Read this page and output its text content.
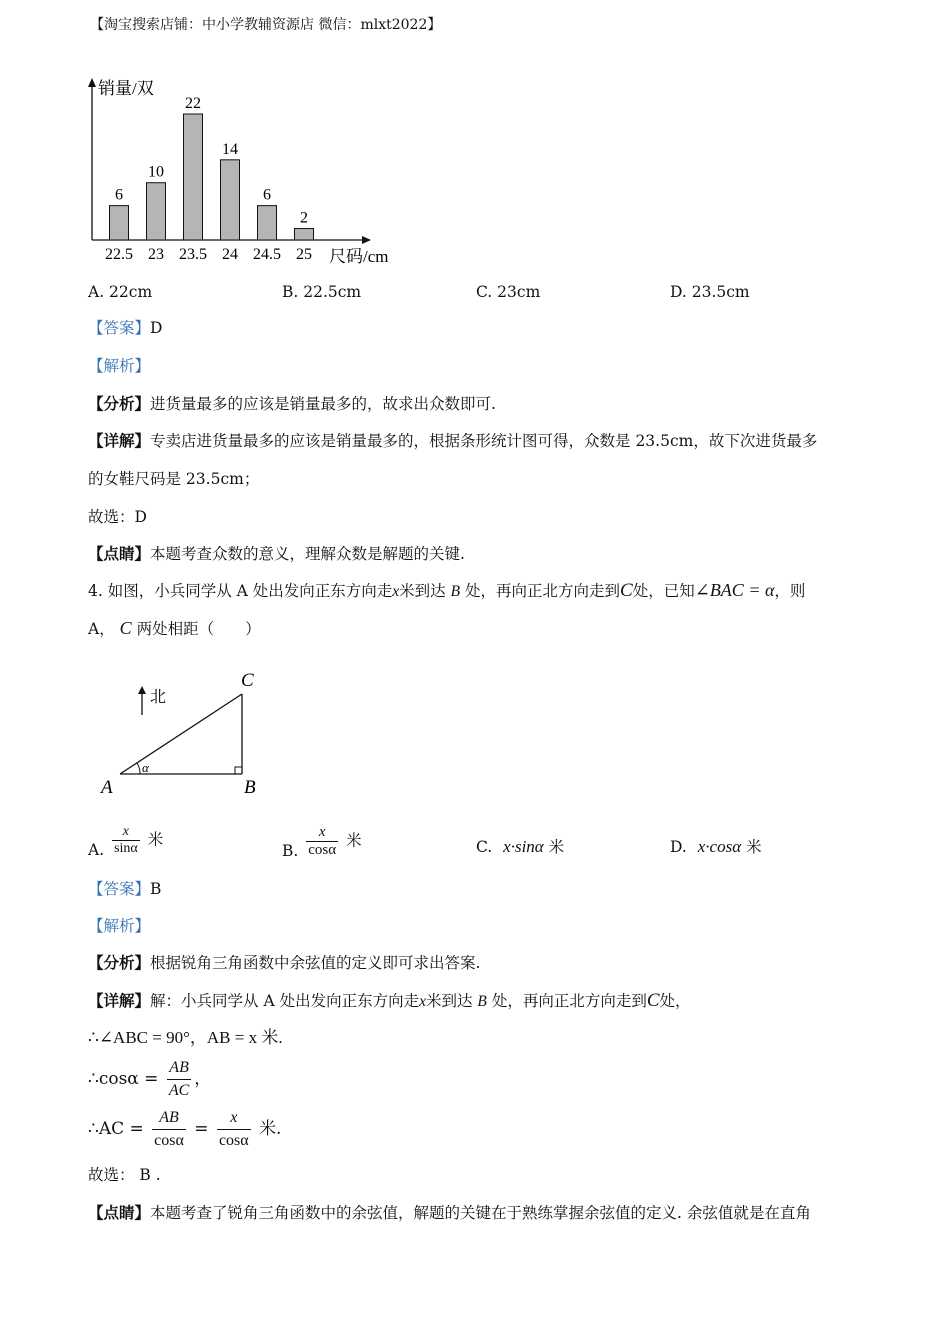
【淘宝搜索店铺：中小学教辅资源店 微信：mlxt2022】
销量/双
尺码/cm
6
22.5
10
23
22
23.5
14
24
6
24.5
2
25
A. 22cm	B. 22.5cm	C. 23cm	D. 23.5cm
【答案】D
【解析】
【分析】进货量最多的应该是销量最多的，故求出众数即可.
【详解】专卖店进货量最多的应该是销量最多的，根据条形统计图可得，众数是 23.5cm，故下次进货最多
的女鞋尺码是 23.5cm；
故选：D
【点睛】本题考查众数的意义，理解众数是解题的关键.
4. 如图，小兵同学从 A 处出发向正东方向走x米到达 B 处，再向正北方向走到C处，已知∠BAC = α，则
A， C 两处相距（　　）
北
α
A	B
C
A. $\frac{x}{\sin\alpha}$ 米
B. $\frac{x}{\cos\alpha}$ 米	C. x·sinα 米	D. x·cosα 米
【答案】B
【解析】
【分析】根据锐角三角函数中余弦值的定义即可求出答案.
【详解】解：小兵同学从 A 处出发向正东方向走x米到达 B 处，再向正北方向走到C处，
∴∠ABC = 90°，AB = x 米.
∴cosα = $\frac{AB}{AC}$ ，
∴AC = $\frac{AB}{\cos\alpha} = \frac{x}{\cos\alpha}$ 米.
故选： B .
【点睛】本题考查了锐角三角函数中的余弦值，解题的关键在于熟练掌握余弦值的定义. 余弦值就是在直角
